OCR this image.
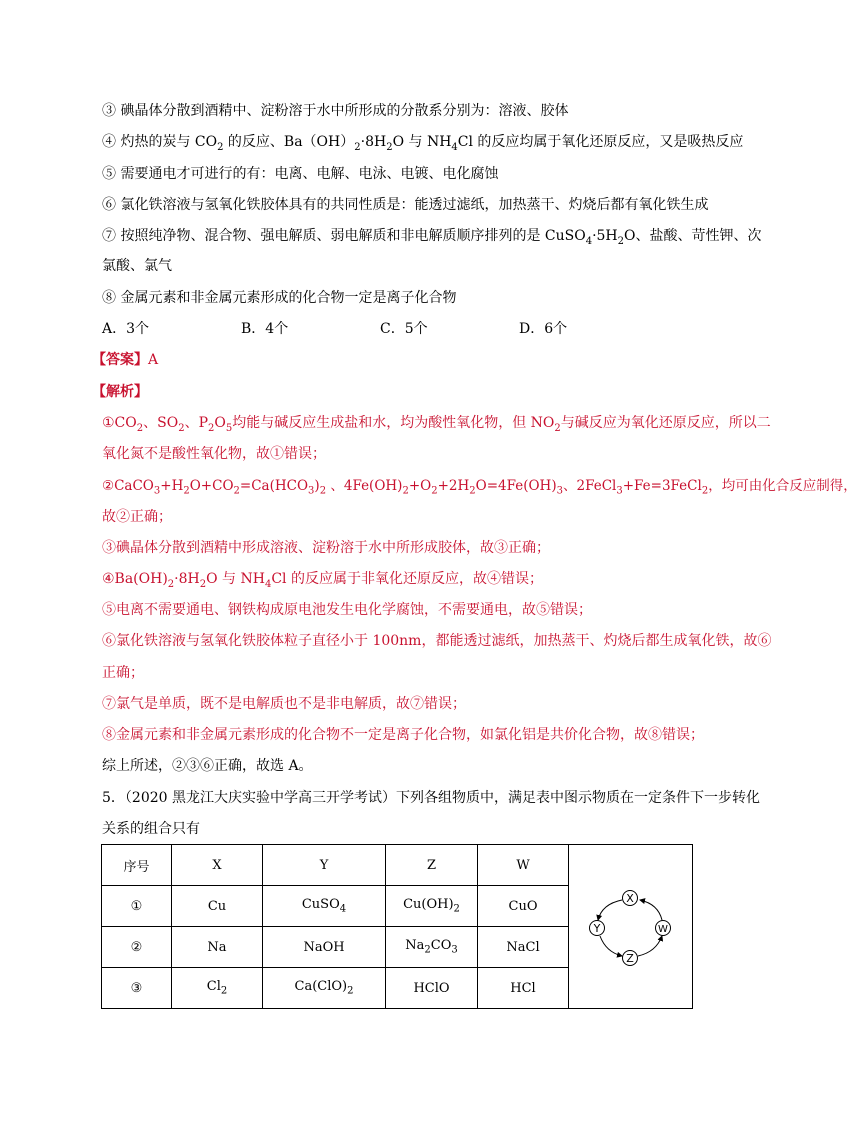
③ 碘晶体分散到酒精中、淀粉溶于水中所形成的分散系分别为：溶液、胶体
④ 灼热的炭与 $CO_2$ 的反应、$Ba(OH)_2\cdot 8H_2O$ 与 $NH_4Cl$ 的反应均属于氧化还原反应，又是吸热反应
⑤ 需要通电才可进行的有：电离、电解、电泳、电镀、电化腐蚀
⑥ 氯化铁溶液与氢氧化铁胶体具有的共同性质是：能透过滤纸，加热蒸干、灼烧后都有氧化铁生成
⑦ 按照纯净物、混合物、强电解质、弱电解质和非电解质顺序排列的是 $CuSO_4\cdot 5H_2O$、盐酸、苛性钾、次
氯酸、氯气
⑧ 金属元素和非金属元素形成的化合物一定是离子化合物
A．3个	B．4个	C．5个	D．6个
【答案】A
【解析】
$①CO_2$、$SO_2$、$P_2O_5$均能与碱反应生成盐和水，均为酸性氧化物，但 $NO_2$与碱反应为氧化还原反应，所以二
氧化氮不是酸性氧化物，故①错误；
$②CaCO_3+H_2O+CO_2=Ca(HCO_3)_2$ 、$4Fe(OH)_2+O_2+2H_2O=4Fe(OH)_3$、2FeCl$_3$+Fe=3FeCl$_2$，均可由化合反应制得，
故②正确；
③碘晶体分散到酒精中形成溶液、淀粉溶于水中所形成胶体，故③正确；
$④Ba(OH)_2\cdot 8H_2O$ 与 $NH_4Cl$ 的反应属于非氧化还原反应，故④错误；
⑤电离不需要通电、钢铁构成原电池发生电化学腐蚀，不需要通电，故⑤错误；
⑥氯化铁溶液与氢氧化铁胶体粒子直径小于 100nm，都能透过滤纸，加热蒸干、灼烧后都生成氧化铁，故⑥
正确；
⑦氯气是单质，既不是电解质也不是非电解质，故⑦错误；
⑧金属元素和非金属元素形成的化合物不一定是离子化合物，如氯化铝是共价化合物，故⑧错误；
综上所述，②③⑥正确，故选 A。
5．（2020 黑龙江大庆实验中学高三开学考试）下列各组物质中，满足表中图示物质在一定条件下一步转化
关系的组合只有
序号	X	Y	Z	W	
①	Cu	CuSO$_4$	$Cu(OH)_2$	CuO	
②	Na	NaOH	$Na_2CO_3$	NaCl	
③	$Cl_2$	$Ca(ClO)_2$	HClO	HCl	
X
Y	W
Z
